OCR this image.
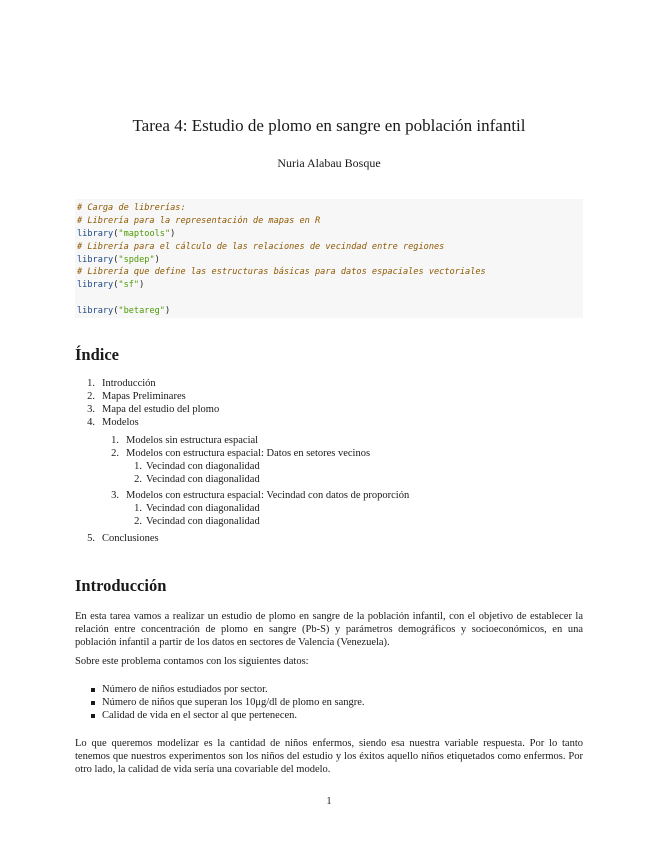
Tarea 4: Estudio de plomo en sangre en población infantil
Nuria Alabau Bosque
# Carga de librerías:
# Librería para la representación de mapas en R
library("maptools")
# Librería para el cálculo de las relaciones de vecindad entre regiones
library("spdep")
# Librería que define las estructuras básicas para datos espaciales vectoriales
library("sf")
library("betareg")
Índice
1. Introducción
2. Mapas Preliminares
3. Mapa del estudio del plomo
4. Modelos
1. Modelos sin estructura espacial
2. Modelos con estructura espacial: Datos en setores vecinos
1. Vecindad con diagonalidad
2. Vecindad con diagonalidad
3. Modelos con estructura espacial: Vecindad con datos de proporción
1. Vecindad con diagonalidad
2. Vecindad con diagonalidad
5. Conclusiones
Introducción

En esta tarea vamos a realizar un estudio de plomo en sangre de la población infantil, con el objetivo de establecer la relación entre concentración de plomo en sangre (Pb-S) y parámetros demográficos y socioeconómicos, en una población infantil a partir de los datos en sectores de Valencia (Venezuela).

Sobre este problema contamos con los siguientes datos:

Número de niños estudiados por sector.
Número de niños que superan los 10μg/dl de plomo en sangre.
Calidad de vida en el sector al que pertenecen.

Lo que queremos modelizar es la cantidad de niños enfermos, siendo esa nuestra variable respuesta. Por lo tanto tenemos que nuestros experimentos son los niños del estudio y los éxitos aquello niños etiquetados como enfermos. Por otro lado, la calidad de vida sería una covariable del modelo.

1
